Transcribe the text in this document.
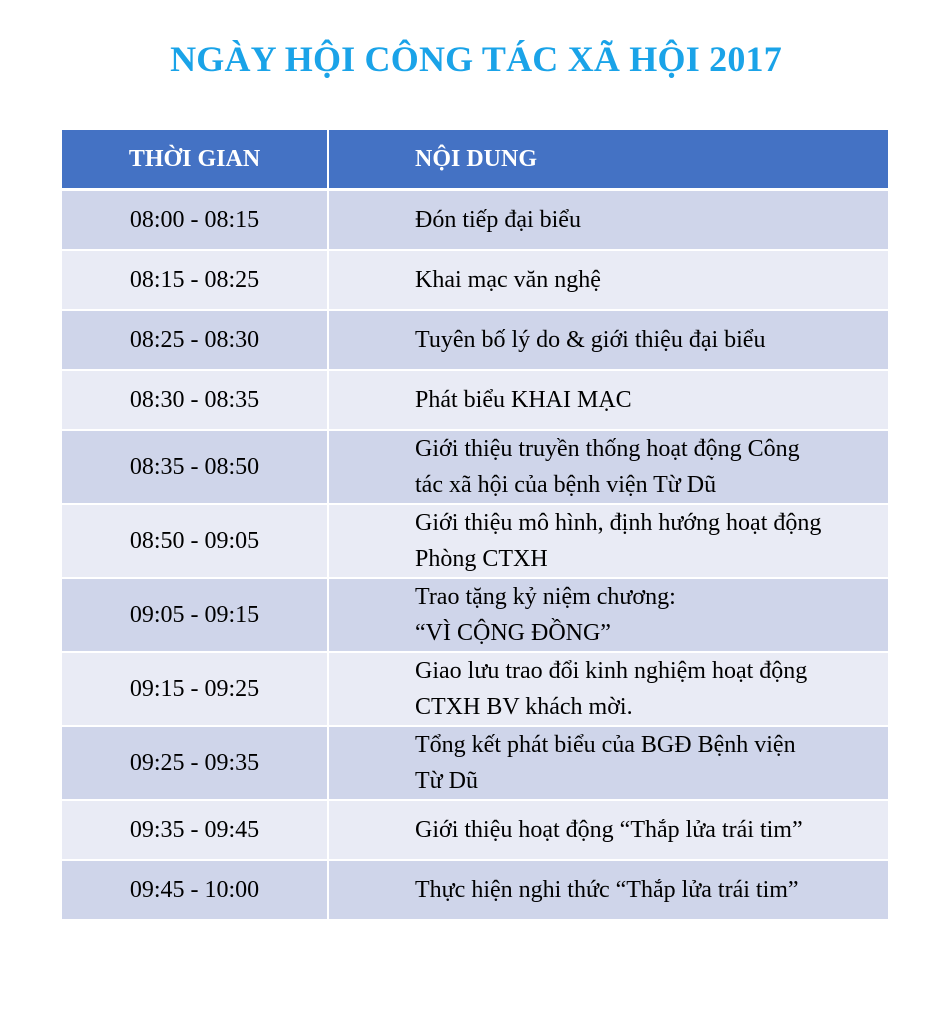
NGÀY HỘI CÔNG TÁC XÃ HỘI 2017
THỜI GIAN	NỘI DUNG
08:00 - 08:15	Đón tiếp đại biểu
08:15 - 08:25	Khai mạc văn nghệ
08:25 - 08:30	Tuyên bố lý do & giới thiệu đại biểu
08:30 - 08:35	Phát biểu KHAI MẠC
08:35 - 08:50	Giới thiệu truyền thống hoạt động Công
tác xã hội của bệnh viện Từ Dũ
08:50 - 09:05	Giới thiệu mô hình, định hướng hoạt động
Phòng CTXH
09:05 - 09:15	Trao tặng kỷ niệm chương:
“VÌ CỘNG ĐỒNG”
09:15 - 09:25	Giao lưu trao đổi kinh nghiệm hoạt động
CTXH BV khách mời.
09:25 - 09:35	Tổng kết phát biểu của BGĐ Bệnh viện
Từ Dũ
09:35 - 09:45	Giới thiệu hoạt động “Thắp lửa trái tim”
09:45 - 10:00	Thực hiện nghi thức “Thắp lửa trái tim”
